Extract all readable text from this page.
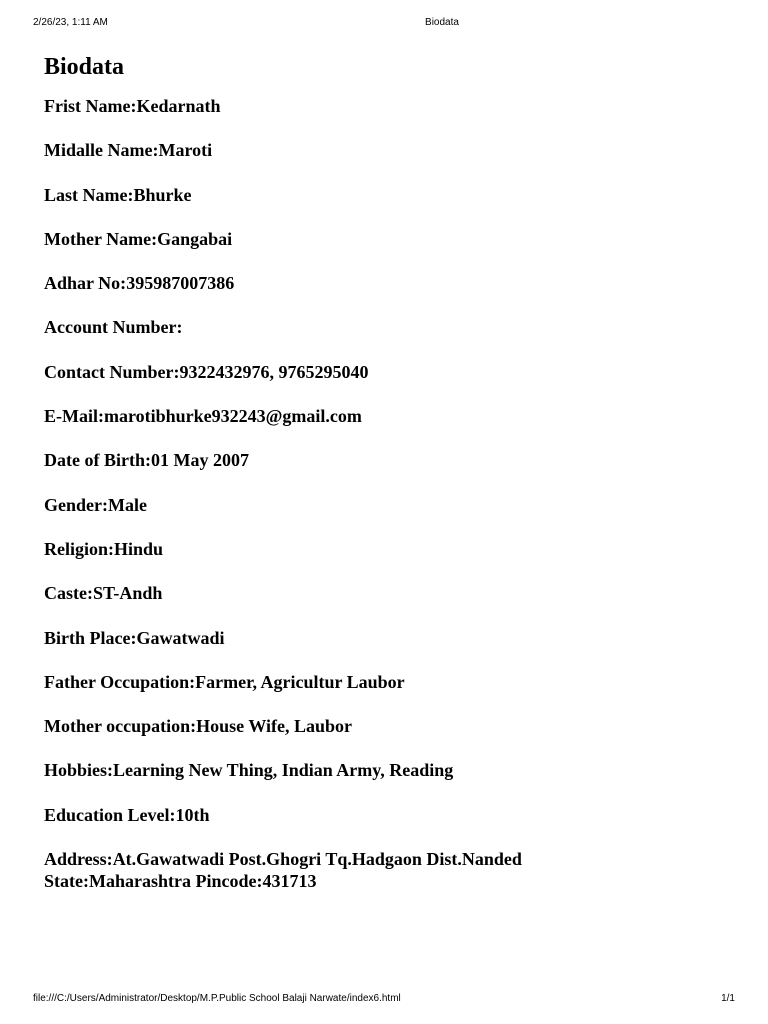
2/26/23, 1:11 AM	Biodata
Biodata
Frist Name:Kedarnath
Midalle Name:Maroti
Last Name:Bhurke
Mother Name:Gangabai
Adhar No:395987007386
Account Number:
Contact Number:9322432976, 9765295040
E-Mail:marotibhurke932243@gmail.com
Date of Birth:01 May 2007
Gender:Male
Religion:Hindu
Caste:ST-Andh
Birth Place:Gawatwadi
Father Occupation:Farmer, Agricultur Laubor
Mother occupation:House Wife, Laubor
Hobbies:Learning New Thing, Indian Army, Reading
Education Level:10th
Address:At.Gawatwadi Post.Ghogri Tq.Hadgaon Dist.Nanded State:Maharashtra Pincode:431713
file:///C:/Users/Administrator/Desktop/M.P.Public School Balaji Narwate/index6.html	1/1
